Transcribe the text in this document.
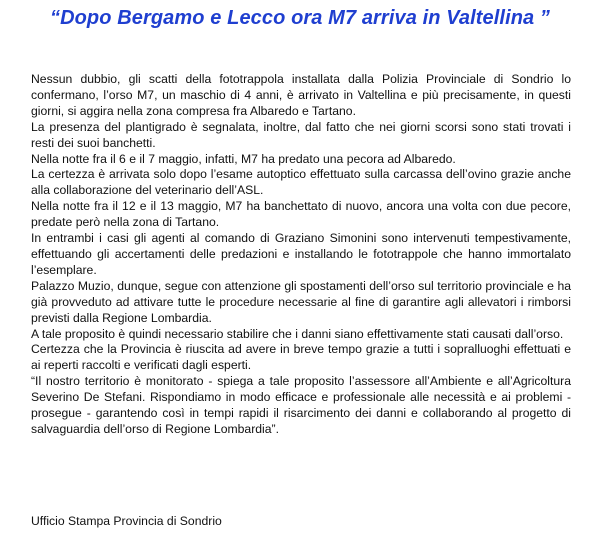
“Dopo Bergamo e Lecco ora M7 arriva in Valtellina ”

Nessun dubbio, gli scatti della fototrappola installata dalla Polizia Provinciale di Sondrio lo confermano, l’orso M7, un maschio di 4 anni, è arrivato in Valtellina e più precisamente, in questi giorni, si aggira nella zona compresa fra Albaredo e Tartano.

La presenza del plantigrado è segnalata, inoltre, dal fatto che nei giorni scorsi sono stati trovati i resti dei suoi banchetti.

Nella notte fra il 6 e il 7 maggio, infatti, M7 ha predato una pecora ad Albaredo.

La certezza è arrivata solo dopo l’esame autoptico effettuato sulla carcassa dell’ovino grazie anche alla collaborazione del veterinario dell’ASL.

Nella notte fra il 12 e il 13 maggio, M7 ha banchettato di nuovo, ancora una volta con due pecore, predate però nella zona di Tartano.

In entrambi i casi gli agenti al comando di Graziano Simonini sono intervenuti tempestivamente, effettuando gli accertamenti delle predazioni e installando le fototrappole che hanno immortalato l’esemplare.

Palazzo Muzio, dunque, segue con attenzione gli spostamenti dell’orso sul territorio provinciale e ha già provveduto ad attivare tutte le procedure necessarie al fine di garantire agli allevatori i rimborsi previsti dalla Regione Lombardia.

A tale proposito è quindi necessario stabilire che i danni siano effettivamente stati causati dall’orso.

Certezza che la Provincia è riuscita ad avere in breve tempo grazie a tutti i sopralluoghi effettuati e ai reperti raccolti e verificati dagli esperti.

“Il nostro territorio è monitorato - spiega a tale proposito l’assessore all’Ambiente e all’Agricoltura Severino De Stefani. Rispondiamo in modo efficace e professionale alle necessità e ai problemi - prosegue - garantendo così in tempi rapidi il risarcimento dei danni e collaborando al progetto di salvaguardia dell’orso di Regione Lombardia”.

Ufficio Stampa Provincia di Sondrio
